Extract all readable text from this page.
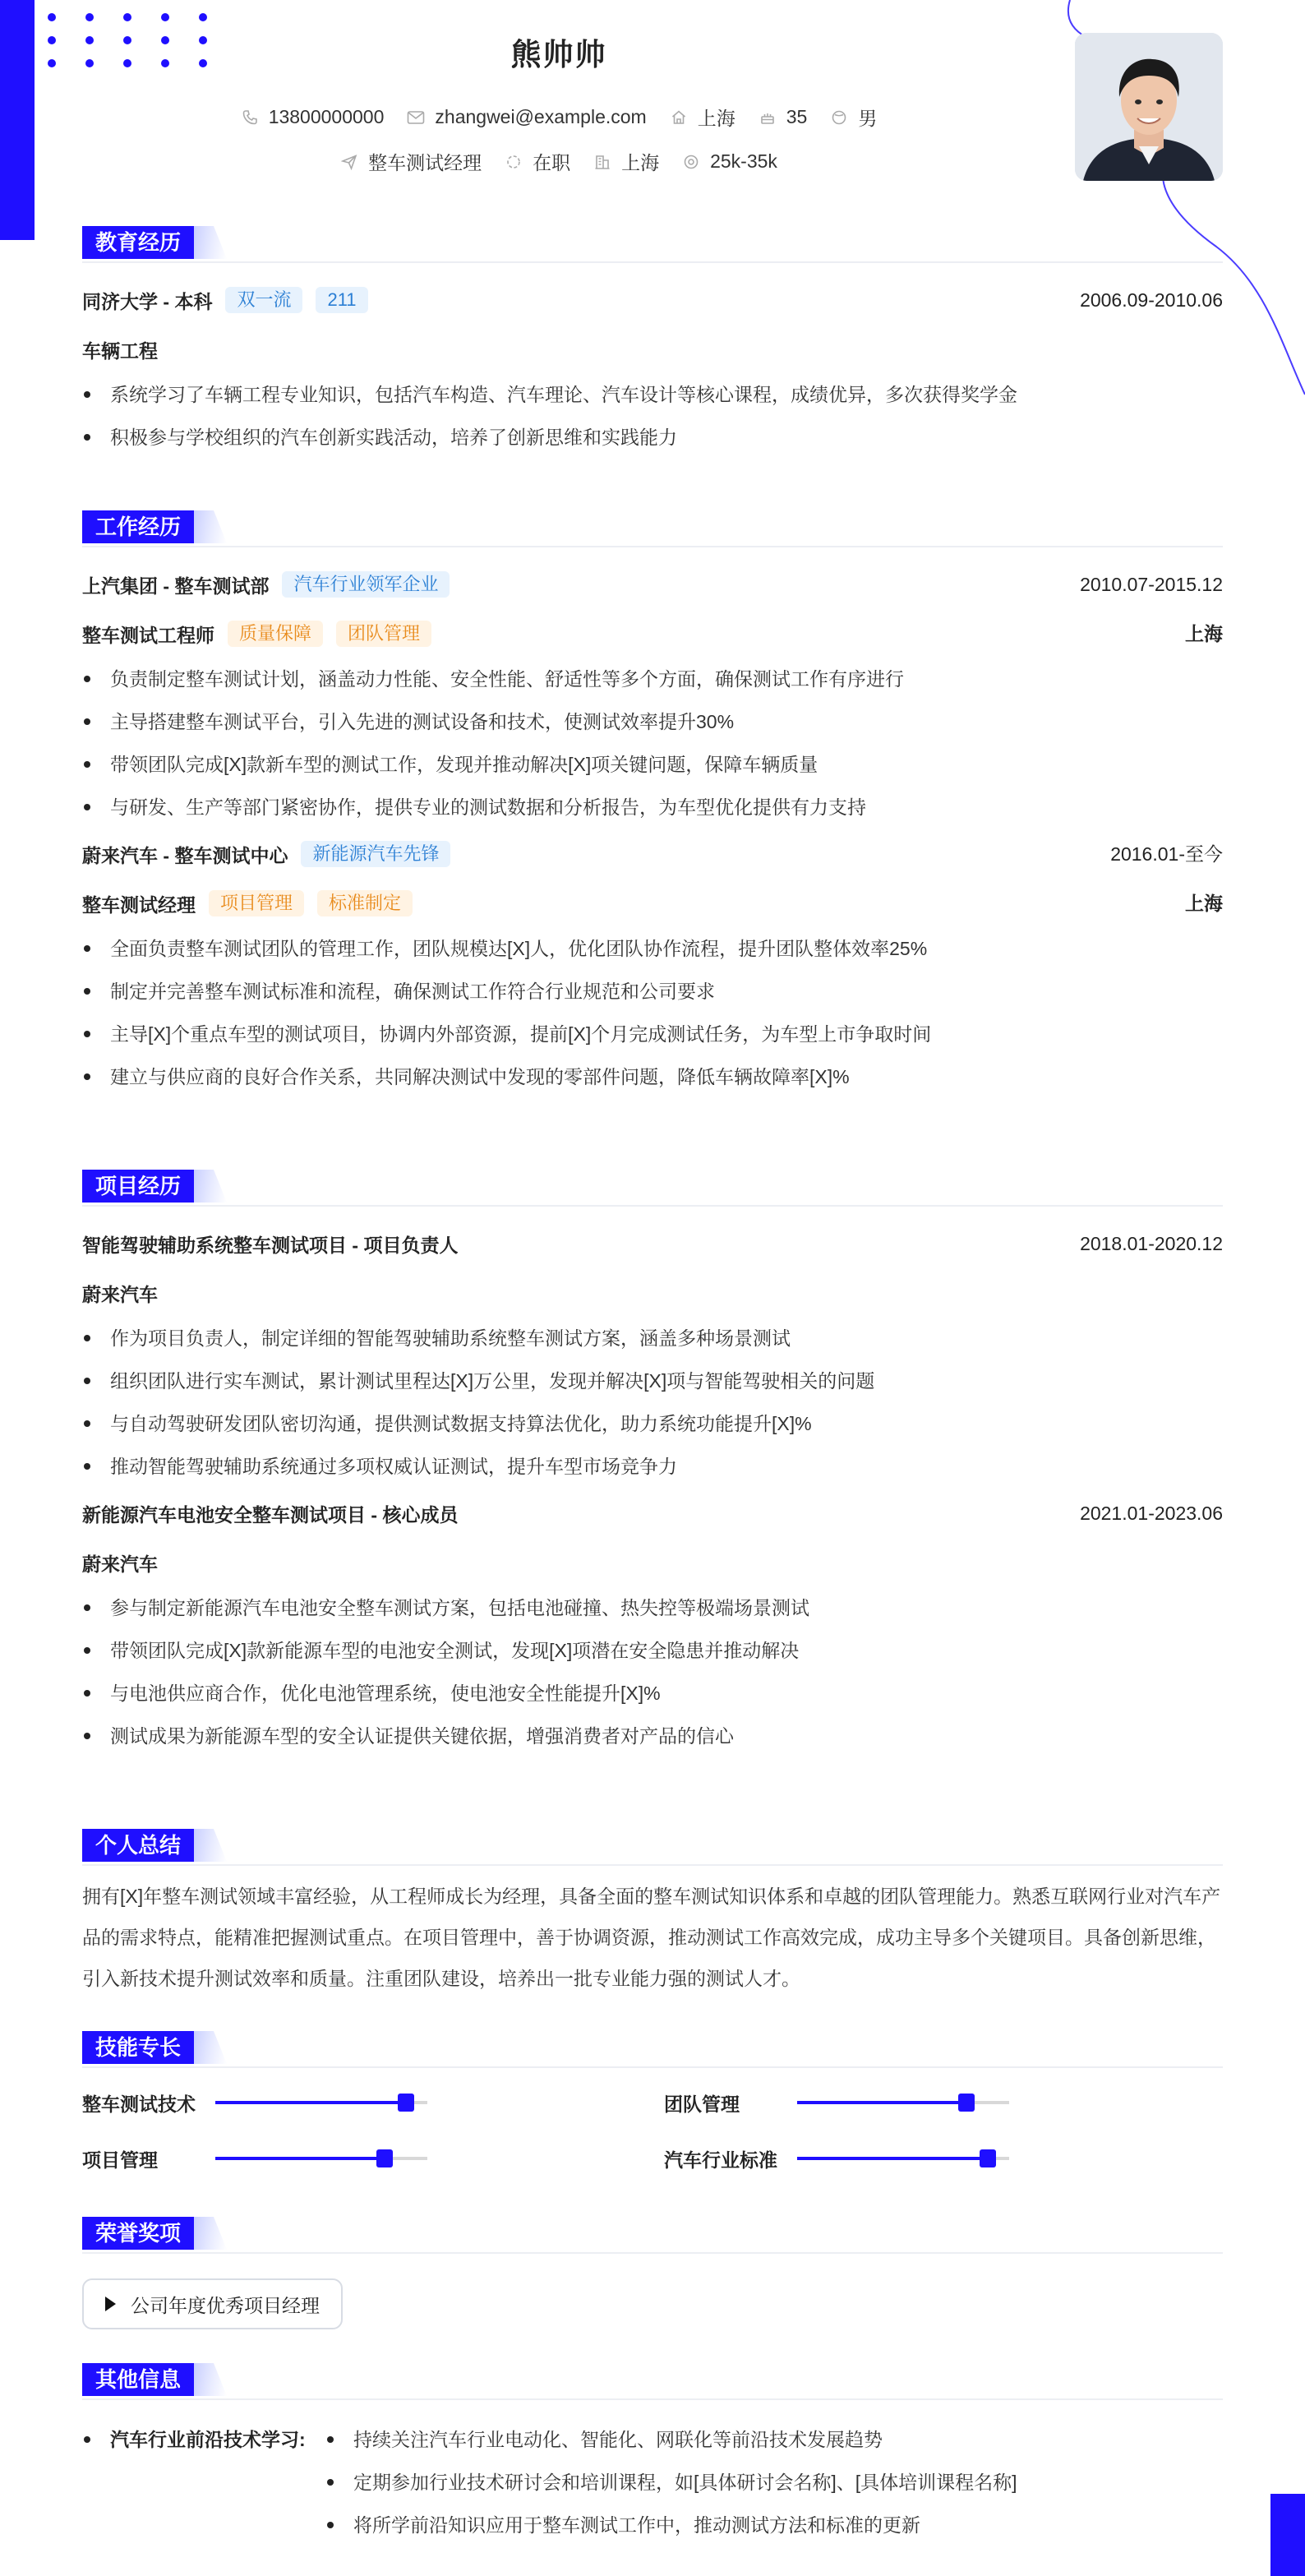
熊帅帅
13800000000	zhangwei@example.com	上海	35	男
整车测试经理	在职	上海	25k-35k
教育经历
同济大学 - 本科	双一流	211	2006.09-2010.06
车辆工程
系统学习了车辆工程专业知识，包括汽车构造、汽车理论、汽车设计等核心课程，成绩优异，多次获得奖学金
积极参与学校组织的汽车创新实践活动，培养了创新思维和实践能力
工作经历
上汽集团 - 整车测试部	汽车行业领军企业	2010.07-2015.12
整车测试工程师	质量保障	团队管理	上海
负责制定整车测试计划，涵盖动力性能、安全性能、舒适性等多个方面，确保测试工作有序进行
主导搭建整车测试平台，引入先进的测试设备和技术，使测试效率提升30%
带领团队完成[X]款新车型的测试工作，发现并推动解决[X]项关键问题，保障车辆质量
与研发、生产等部门紧密协作，提供专业的测试数据和分析报告，为车型优化提供有力支持
蔚来汽车 - 整车测试中心	新能源汽车先锋	2016.01-至今
整车测试经理	项目管理	标准制定	上海
全面负责整车测试团队的管理工作，团队规模达[X]人，优化团队协作流程，提升团队整体效率25%
制定并完善整车测试标准和流程，确保测试工作符合行业规范和公司要求
主导[X]个重点车型的测试项目，协调内外部资源，提前[X]个月完成测试任务，为车型上市争取时间
建立与供应商的良好合作关系，共同解决测试中发现的零部件问题，降低车辆故障率[X]%
项目经历
智能驾驶辅助系统整车测试项目 - 项目负责人	2018.01-2020.12
蔚来汽车
作为项目负责人，制定详细的智能驾驶辅助系统整车测试方案，涵盖多种场景测试
组织团队进行实车测试，累计测试里程达[X]万公里，发现并解决[X]项与智能驾驶相关的问题
与自动驾驶研发团队密切沟通，提供测试数据支持算法优化，助力系统功能提升[X]%
推动智能驾驶辅助系统通过多项权威认证测试，提升车型市场竞争力
新能源汽车电池安全整车测试项目 - 核心成员	2021.01-2023.06
蔚来汽车
参与制定新能源汽车电池安全整车测试方案，包括电池碰撞、热失控等极端场景测试
带领团队完成[X]款新能源车型的电池安全测试，发现[X]项潜在安全隐患并推动解决
与电池供应商合作，优化电池管理系统，使电池安全性能提升[X]%
测试成果为新能源车型的安全认证提供关键依据，增强消费者对产品的信心
个人总结

拥有[X]年整车测试领域丰富经验，从工程师成长为经理，具备全面的整车测试知识体系和卓越的团队管理能力。熟悉互联网行业对汽车产品的需求特点，能精准把握测试重点。在项目管理中，善于协调资源，推动测试工作高效完成，成功主导多个关键项目。具备创新思维，引入新技术提升测试效率和质量。注重团队建设，培养出一批专业能力强的测试人才。

技能专长
整车测试技术	团队管理
项目管理	汽车行业标准
荣誉奖项
公司年度优秀项目经理
其他信息
汽车行业前沿技术学习:	持续关注汽车行业电动化、智能化、网联化等前沿技术发展趋势
定期参加行业技术研讨会和培训课程，如[具体研讨会名称]、[具体培训课程名称]
将所学前沿知识应用于整车测试工作中，推动测试方法和标准的更新
